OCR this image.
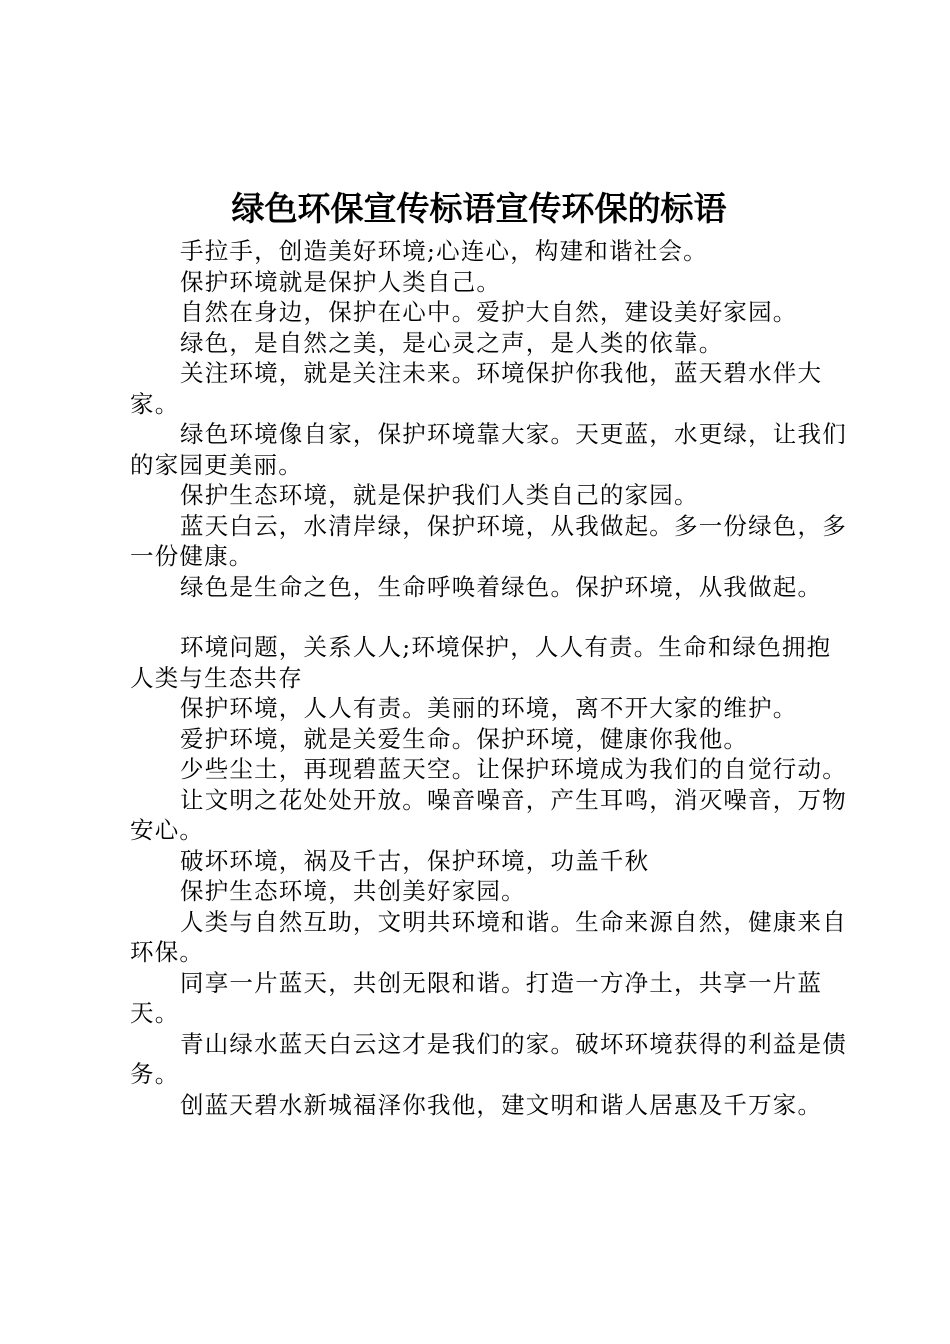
绿色环保宣传标语宣传环保的标语

手拉手，创造美好环境;心连心，构建和谐社会。

保护环境就是保护人类自己。

自然在身边，保护在心中。爱护大自然，建设美好家园。

绿色，是自然之美，是心灵之声，是人类的依靠。

关注环境，就是关注未来。环境保护你我他，蓝天碧水伴大家。

绿色环境像自家，保护环境靠大家。天更蓝，水更绿，让我们的家园更美丽。

保护生态环境，就是保护我们人类自己的家园。

蓝天白云，水清岸绿，保护环境，从我做起。多一份绿色，多一份健康。

绿色是生命之色，生命呼唤着绿色。保护环境，从我做起。

环境问题，关系人人;环境保护，人人有责。生命和绿色拥抱人类与生态共存

保护环境，人人有责。美丽的环境，离不开大家的维护。

爱护环境，就是关爱生命。保护环境，健康你我他。

少些尘土，再现碧蓝天空。让保护环境成为我们的自觉行动。

让文明之花处处开放。噪音噪音，产生耳鸣，消灭噪音，万物安心。

破坏环境，祸及千古，保护环境，功盖千秋

保护生态环境，共创美好家园。

人类与自然互助，文明共环境和谐。生命来源自然，健康来自环保。

同享一片蓝天，共创无限和谐。打造一方净土，共享一片蓝天。

青山绿水蓝天白云这才是我们的家。破坏环境获得的利益是债务。

创蓝天碧水新城福泽你我他，建文明和谐人居惠及千万家。
